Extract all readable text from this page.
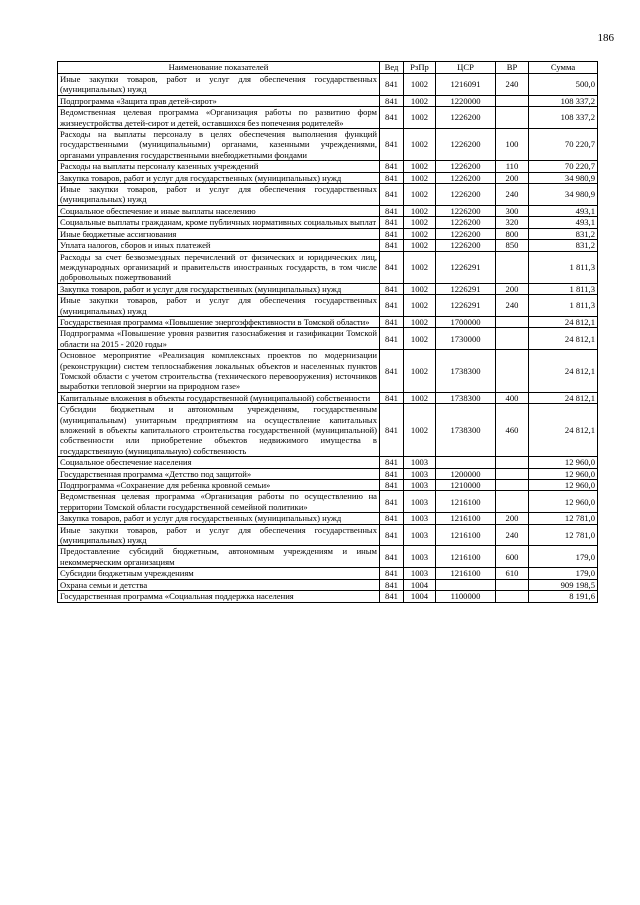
186
Наименование показателей	Вед	РзПр	ЦСР	ВР	Сумма
Иные закупки товаров, работ и услуг для обеспечения государственных (муниципальных) нужд	841	1002	1216091	240	500,0
Подпрограмма «Защита прав детей-сирот»	841	1002	1220000		108 337,2
Ведомственная целевая программа «Организация работы по развитию форм жизнеустройства детей-сирот и детей, оставшихся без попечения родителей»	841	1002	1226200		108 337,2
Расходы на выплаты персоналу в целях обеспечения выполнения функций государственными (муниципальными) органами, казенными учреждениями, органами управления государственными внебюджетными фондами	841	1002	1226200	100	70 220,7
Расходы на выплаты персоналу казенных учреждений	841	1002	1226200	110	70 220,7
Закупка товаров, работ и услуг для государственных (муниципальных) нужд	841	1002	1226200	200	34 980,9
Иные закупки товаров, работ и услуг для обеспечения государственных (муниципальных) нужд	841	1002	1226200	240	34 980,9
Социальное обеспечение и иные выплаты населению	841	1002	1226200	300	493,1
Социальные выплаты гражданам, кроме публичных нормативных социальных выплат	841	1002	1226200	320	493,1
Иные бюджетные ассигнования	841	1002	1226200	800	831,2
Уплата налогов, сборов и иных платежей	841	1002	1226200	850	831,2
Расходы за счет безвозмездных перечислений от физических и юридических лиц, международных организаций и правительств иностранных государств, в том числе добровольных пожертвований	841	1002	1226291		1 811,3
Закупка товаров, работ и услуг для государственных (муниципальных) нужд	841	1002	1226291	200	1 811,3
Иные закупки товаров, работ и услуг для обеспечения государственных (муниципальных) нужд	841	1002	1226291	240	1 811,3
Государственная программа «Повышение энергоэффективности в Томской области»	841	1002	1700000		24 812,1
Подпрограмма «Повышение уровня развития газоснабжения и газификации Томской области на 2015 - 2020 годы»	841	1002	1730000		24 812,1
Основное мероприятие «Реализация комплексных проектов по модернизации (реконструкции) систем теплоснабжения локальных объектов и населенных пунктов Томской области с учетом строительства (технического перевооружения) источников выработки тепловой энергии на природном газе»	841	1002	1738300		24 812,1
Капитальные вложения в объекты государственной (муниципальной) собственности	841	1002	1738300	400	24 812,1
Субсидии бюджетным и автономным учреждениям, государственным (муниципальным) унитарным предприятиям на осуществление капитальных вложений в объекты капитального строительства государственной (муниципальной) собственности или приобретение объектов недвижимого имущества в государственную (муниципальную) собственность	841	1002	1738300	460	24 812,1
Социальное обеспечение населения	841	1003			12 960,0
Государственная программа «Детство под защитой»	841	1003	1200000		12 960,0
Подпрограмма «Сохранение для ребенка кровной семьи»	841	1003	1210000		12 960,0
Ведомственная целевая программа «Организация работы по осуществлению на территории Томской области государственной семейной политики»	841	1003	1216100		12 960,0
Закупка товаров, работ и услуг для государственных (муниципальных) нужд	841	1003	1216100	200	12 781,0
Иные закупки товаров, работ и услуг для обеспечения государственных (муниципальных) нужд	841	1003	1216100	240	12 781,0
Предоставление субсидий бюджетным, автономным учреждениям и иным некоммерческим организациям	841	1003	1216100	600	179,0
Субсидии бюджетным учреждениям	841	1003	1216100	610	179,0
Охрана семьи и детства	841	1004			909 198,5
Государственная программа «Социальная поддержка населения	841	1004	1100000		8 191,6
